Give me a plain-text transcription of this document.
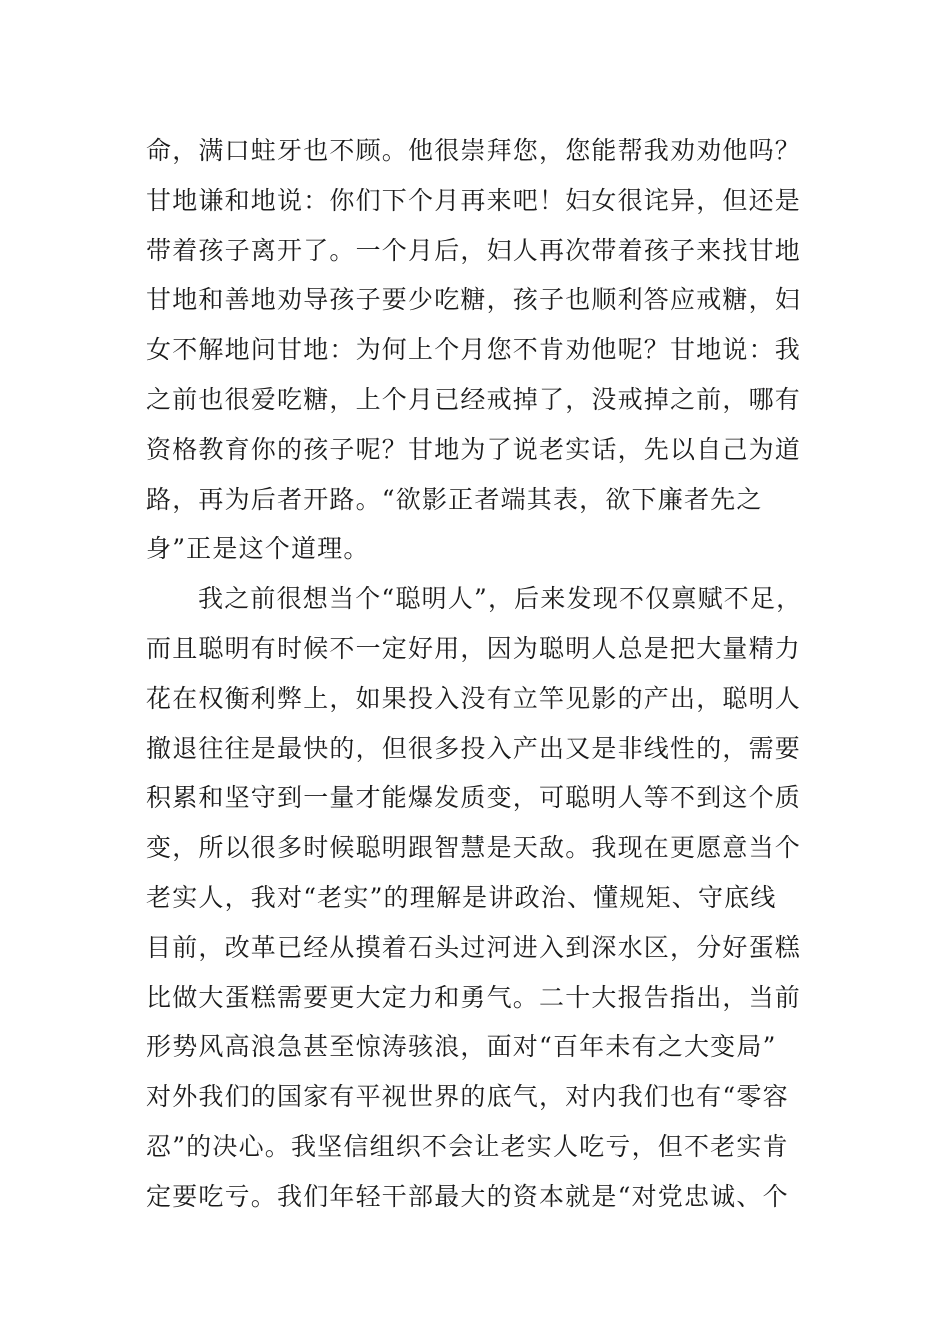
命，满口蛀牙也不顾。他很崇拜您，您能帮我劝劝他吗？
甘地谦和地说：你们下个月再来吧！妇女很诧异，但还是
带着孩子离开了。一个月后，妇人再次带着孩子来找甘地
甘地和善地劝导孩子要少吃糖，孩子也顺利答应戒糖，妇
女不解地问甘地：为何上个月您不肯劝他呢？甘地说：我
之前也很爱吃糖，上个月已经戒掉了，没戒掉之前，哪有
资格教育你的孩子呢？甘地为了说老实话，先以自己为道
路，再为后者开路。“欲影正者端其表，欲下廉者先之
身”正是这个道理。
我之前很想当个“聪明人”，后来发现不仅禀赋不足，
而且聪明有时候不一定好用，因为聪明人总是把大量精力
花在权衡利弊上，如果投入没有立竿见影的产出，聪明人
撤退往往是最快的，但很多投入产出又是非线性的，需要
积累和坚守到一量才能爆发质变，可聪明人等不到这个质
变，所以很多时候聪明跟智慧是天敌。我现在更愿意当个
老实人，我对“老实”的理解是讲政治、懂规矩、守底线
目前，改革已经从摸着石头过河进入到深水区，分好蛋糕
比做大蛋糕需要更大定力和勇气。二十大报告指出，当前
形势风高浪急甚至惊涛骇浪，面对“百年未有之大变局”
对外我们的国家有平视世界的底气，对内我们也有“零容
忍”的决心。我坚信组织不会让老实人吃亏，但不老实肯
定要吃亏。我们年轻干部最大的资本就是“对党忠诚、个
